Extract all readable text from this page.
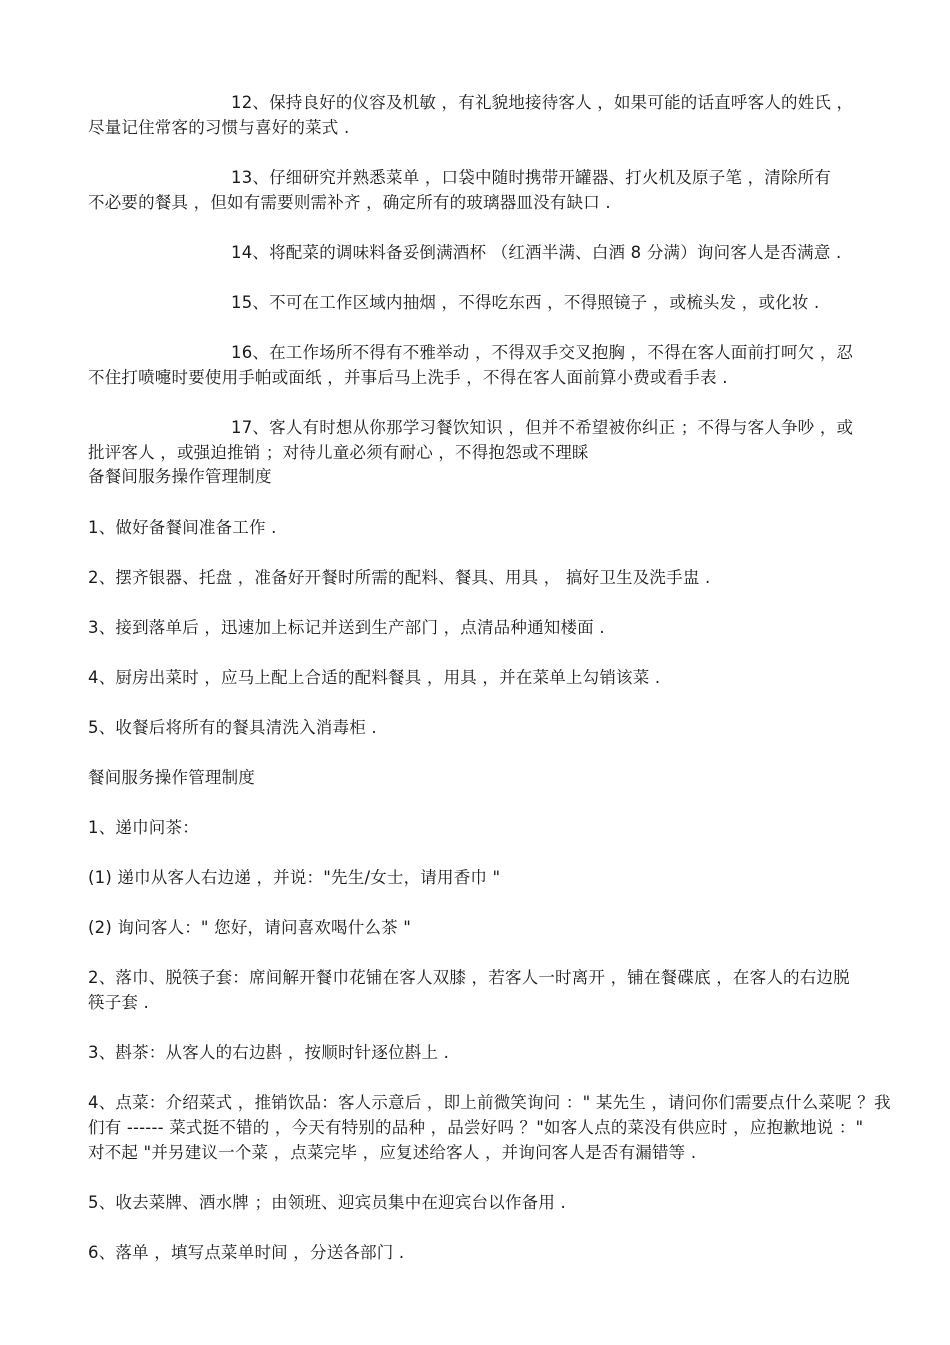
12、保持良好的仪容及机敏 ，有礼貌地接待客人 ，如果可能的话直呼客人的姓氏 ，
尽量记住常客的习惯与喜好的菜式 .
13、仔细研究并熟悉菜单 ，口袋中随时携带开罐器、打火机及原子笔 ，清除所有
不必要的餐具 ，但如有需要则需补齐 ，确定所有的玻璃器皿没有缺口 .
14、将配菜的调味料备妥倒满酒杯 （红酒半满、白酒 8 分满）询问客人是否满意 .
15、不可在工作区域内抽烟 ，不得吃东西 ，不得照镜子 ，或梳头发 ，或化妆 .
16、在工作场所不得有不雅举动 ，不得双手交叉抱胸 ，不得在客人面前打呵欠 ，忍
不住打喷嚏时要使用手帕或面纸 ，并事后马上洗手 ，不得在客人面前算小费或看手表 .
17、客人有时想从你那学习餐饮知识 ，但并不希望被你纠正 ；不得与客人争吵 ，或
批评客人 ，或强迫推销 ；对待儿童必须有耐心 ，不得抱怨或不理睬
备餐间服务操作管理制度
1、做好备餐间准备工作 .
2、摆齐银器、托盘 ，准备好开餐时所需的配料、餐具、用具 ， 搞好卫生及洗手盅 .
3、接到落单后 ，迅速加上标记并送到生产部门 ，点清品种通知楼面 .
4、厨房出菜时 ，应马上配上合适的配料餐具 ，用具 ，并在菜单上勾销该菜 .
5、收餐后将所有的餐具清洗入消毒柜 .
餐间服务操作管理制度
1、递巾问茶：
(1) 递巾从客人右边递 ，并说："先生/女士，请用香巾 "
(2) 询问客人：" 您好，请问喜欢喝什么茶 "
2、落巾、脱筷子套：席间解开餐巾花铺在客人双膝 ，若客人一时离开 ，铺在餐碟底 ，在客人的右边脱
筷子套 .
3、斟茶：从客人的右边斟 ，按顺时针逐位斟上 .
4、点菜：介绍菜式 ，推销饮品：客人示意后 ，即上前微笑询问 ：" 某先生 ，请问你们需要点什么菜呢 ？我
们有 ------ 菜式挺不错的 ，今天有特别的品种 ，品尝好吗 ？"如客人点的菜没有供应时 ，应抱歉地说 ："
对不起 "并另建议一个菜 ，点菜完毕 ，应复述给客人 ，并询问客人是否有漏错等 .
5、收去菜牌、酒水牌 ；由领班、迎宾员集中在迎宾台以作备用 .
6、落单 ，填写点菜单时间 ，分送各部门 .
